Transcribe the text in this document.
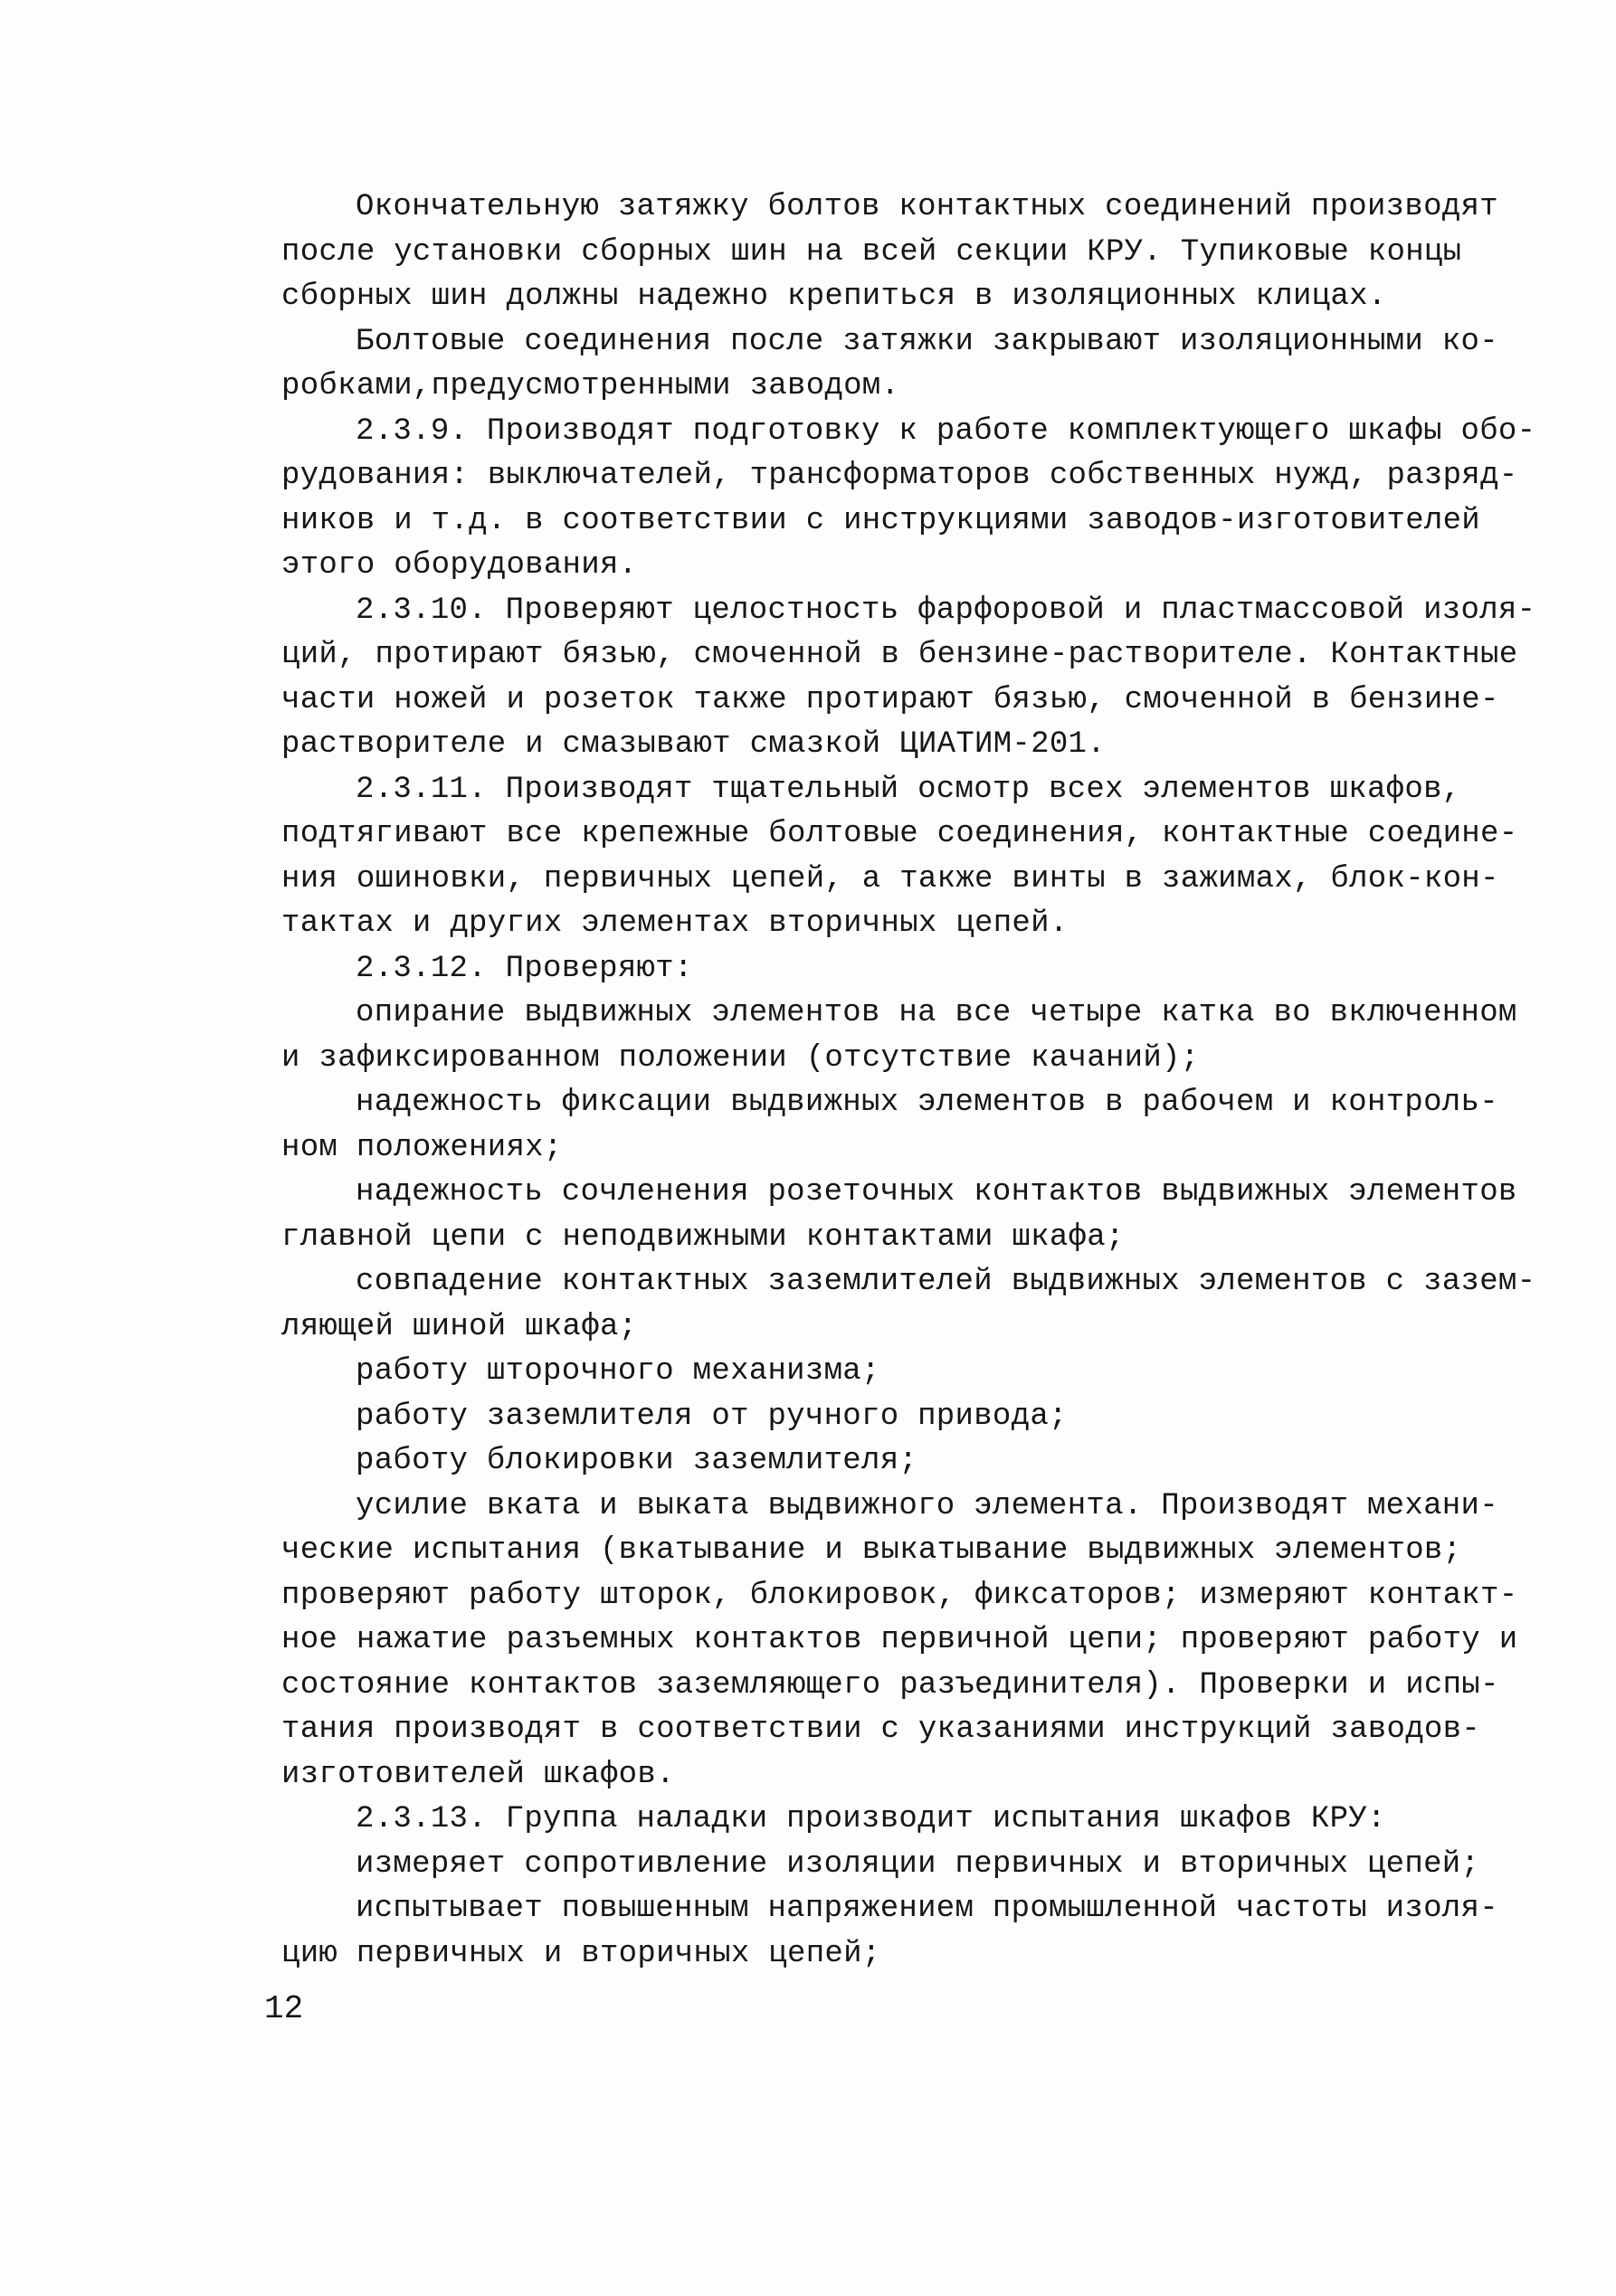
Окончательную затяжку болтов контактных соединений производят
после установки сборных шин на всей секции КРУ. Тупиковые концы
сборных шин должны надежно крепиться в изоляционных клицах.
Болтовые соединения после затяжки закрывают изоляционными ко-
робками,предусмотренными заводом.
2.3.9. Производят подготовку к работе комплектующего шкафы обо-
рудования: выключателей, трансформаторов собственных нужд, разряд-
ников и т.д. в соответствии с инструкциями заводов-изготовителей
этого оборудования.
2.3.10. Проверяют целостность фарфоровой и пластмассовой изоля-
ций, протирают бязью, смоченной в бензине-растворителе. Контактные
части ножей и розеток также протирают бязью, смоченной в бензине-
растворителе и смазывают смазкой ЦИАТИМ-201.
2.3.11. Производят тщательный осмотр всех элементов шкафов,
подтягивают все крепежные болтовые соединения, контактные соедине-
ния ошиновки, первичных цепей, а также винты в зажимах, блок-кон-
тактах и других элементах вторичных цепей.
2.3.12. Проверяют:
опирание выдвижных элементов на все четыре катка во включенном
и зафиксированном положении (отсутствие качаний);
надежность фиксации выдвижных элементов в рабочем и контроль-
ном положениях;
надежность сочленения розеточных контактов выдвижных элементов
главной цепи с неподвижными контактами шкафа;
совпадение контактных заземлителей выдвижных элементов с зазем-
ляющей шиной шкафа;
работу шторочного механизма;
работу заземлителя от ручного привода;
работу блокировки заземлителя;
усилие вката и выката выдвижного элемента. Производят механи-
ческие испытания (вкатывание и выкатывание выдвижных элементов;
проверяют работу шторок, блокировок, фиксаторов; измеряют контакт-
ное нажатие разъемных контактов первичной цепи; проверяют работу и
состояние контактов заземляющего разъединителя). Проверки и испы-
тания производят в соответствии с указаниями инструкций заводов-
изготовителей шкафов.
2.3.13. Группа наладки производит испытания шкафов КРУ:
измеряет сопротивление изоляции первичных и вторичных цепей;
испытывает повышенным напряжением промышленной частоты изоля-
цию первичных и вторичных цепей;
12
